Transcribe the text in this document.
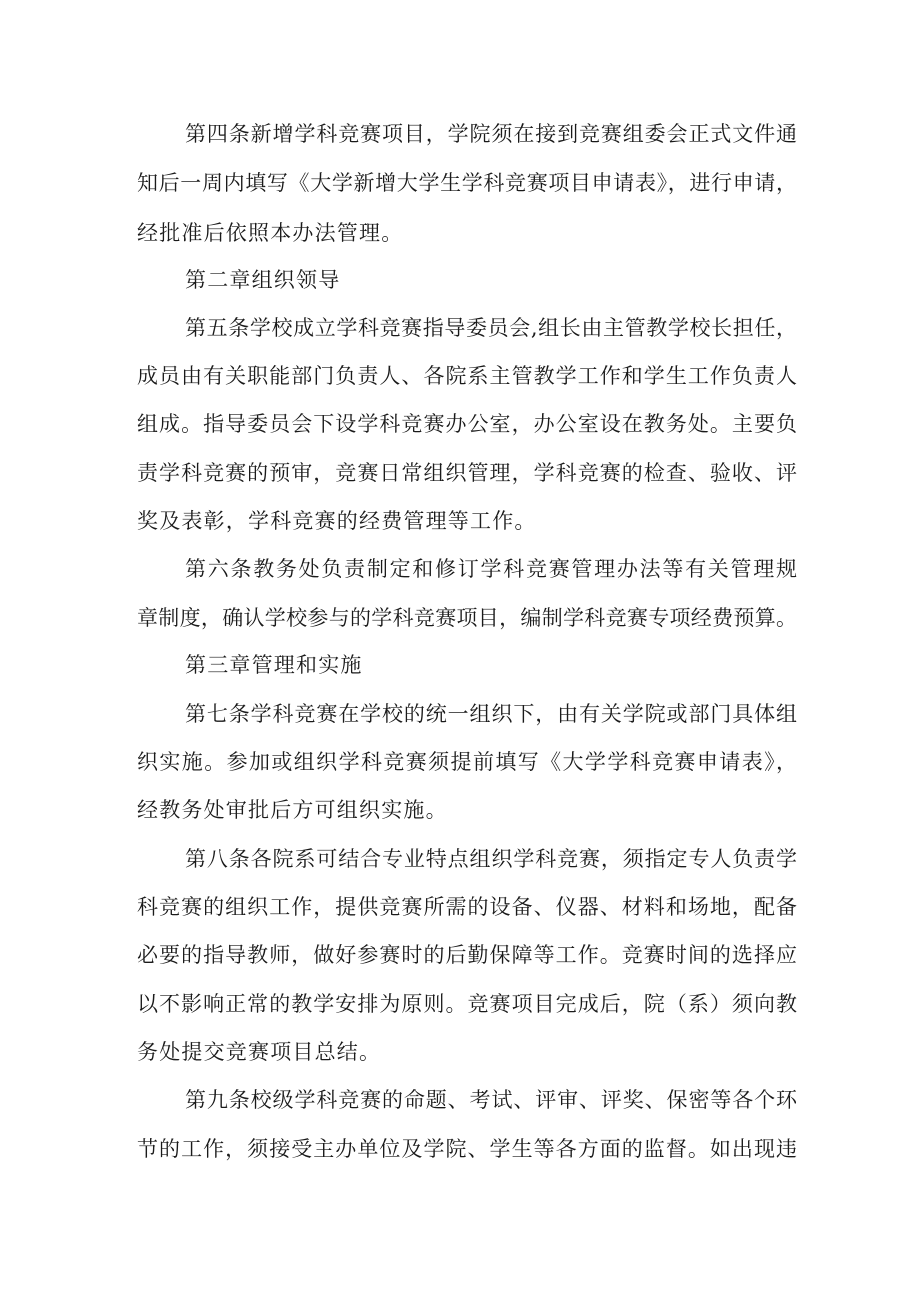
第四条新增学科竞赛项目，学院须在接到竞赛组委会正式文件通
知后一周内填写《大学新增大学生学科竞赛项目申请表》，进行申请，
经批准后依照本办法管理。
第二章组织领导
第五条学校成立学科竞赛指导委员会,组长由主管教学校长担任，
成员由有关职能部门负责人、各院系主管教学工作和学生工作负责人
组成。指导委员会下设学科竞赛办公室，办公室设在教务处。主要负
责学科竞赛的预审，竞赛日常组织管理，学科竞赛的检查、验收、评
奖及表彰，学科竞赛的经费管理等工作。
第六条教务处负责制定和修订学科竞赛管理办法等有关管理规
章制度，确认学校参与的学科竞赛项目，编制学科竞赛专项经费预算。
第三章管理和实施
第七条学科竞赛在学校的统一组织下，由有关学院或部门具体组
织实施。参加或组织学科竞赛须提前填写《大学学科竞赛申请表》，
经教务处审批后方可组织实施。
第八条各院系可结合专业特点组织学科竞赛，须指定专人负责学
科竞赛的组织工作，提供竞赛所需的设备、仪器、材料和场地，配备
必要的指导教师，做好参赛时的后勤保障等工作。竞赛时间的选择应
以不影响正常的教学安排为原则。竞赛项目完成后，院（系）须向教
务处提交竞赛项目总结。
第九条校级学科竞赛的命题、考试、评审、评奖、保密等各个环
节的工作，须接受主办单位及学院、学生等各方面的监督。如出现违
